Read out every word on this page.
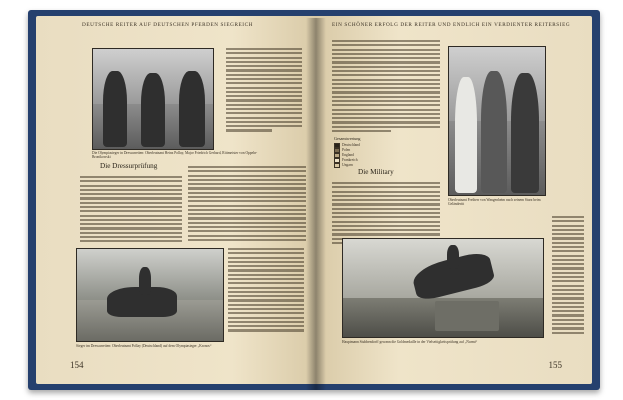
DEUTSCHE REITER AUF DEUTSCHEN PFERDEN SIEGREICH
Die Olympiasieger in Dressurreiten: Oberleutnant Heinz Pollay, Major Friedrich Gerhard, Rittmeister von Oppeln-Bronikowski
Die Dressurprüfung
Sieger im Dressurreiten: Oberleutnant Pollay (Deutschland) auf dem Olympiasieger „Kronos“
154
EIN SCHÖNER ERFOLG DER REITER UND ENDLICH EIN VERDIENTER REITERSIEG
Gesamtwertung
Deutschland
Polen
England
Frankreich
Ungarn
Die Military
Oberleutnant Freiherr von Wangenheim nach seinem Sturz beim Geländeritt
Hauptmann Stubbendorff gewann die Goldmedaille in der Vielseitigkeitsprüfung auf „Nurmi“
155
